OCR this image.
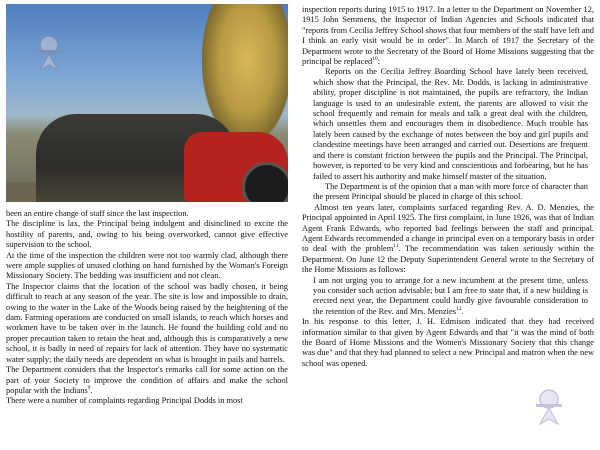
been an entire change of staff since the last inspection.

The discipline is lax, the Principal being indulgent and disinclined to excite the hostility of parents, and, owing to his being overworked, cannot give effective supervision to the school.

At the time of the inspection the children were not too warmly clad, although there were ample supplies of unused clothing on hand furnished by the Woman's Foreign Missionary Society. The bedding was insufficient and not clean.

The Inspector claims that the location of the school was badly chosen, it being difficult to reach at any season of the year. The site is low and impossible to drain, owing to the water in the Lake of the Woods being raised by the heightening of the dam. Farming operations are conducted on small islands, to reach which horses and workmen have to be taken over in the launch. He found the building cold and no proper precaution taken to retain the heat and, although this is comparatively a new school, it is badly in need of repairs for lack of attention. They have no systematic water supply; the daily needs are dependent on what is brought in pails and barrels.

The Department considers that the Inspector's remarks call for some action on the part of your Society to improve the condition of affairs and make the school popular with the Indians$^9$.

There were a number of complaints regarding Principal Dodds in most

inspection reports during 1915 to 1917. In a letter to the Department on November 12, 1915 John Semmens, the Inspector of Indian Agencies and Schools indicated that "reports from Cecilia Jeffrey School shows that four members of the staff have left and I think an early visit would be in order". In March of 1917 the Secretary of the Department wrote to the Secretary of the Board of Home Missions suggesting that the principal be replaced$^{10}$:

Reports on the Cecilia Jeffrey Boarding School have lately been received, which show that the Principal, the Rev. Mr. Dodds, is lacking in administrative ability, proper discipline is not maintained, the pupils are refractory, the Indian language is used to an undesirable extent, the parents are allowed to visit the school frequently and remain for meals and talk a great deal with the children, which unsettles them and encourages them in disobedience. Much trouble has lately been caused by the exchange of notes between the boy and girl pupils and clandestine meetings have been arranged and carried out. Desertions are frequent and there is constant friction between the pupils and the Principal. The Principal, however, is reported to be very kind and conscientious and forbearing, but he has failed to assert his authority and make himself master of the situation.

The Department is of the opinion that a man with more force of character than the present Principal should be placed in charge of this school.

Almost ten years later, complaints surfaced regarding Rev. A. D. Menzies, the Principal appointed in April 1925. The first complaint, in June 1926, was that of Indian Agent Frank Edwards, who reported bad feelings between the staff and principal. Agent Edwards recommended a change in principal even on a temporary basis in order to deal with the problem$^{11}$. The recommendation was taken seriously within the Department. On June 12 the Deputy Superintendent General wrote to the Secretary of the Home Missions as follows:

I am not urging you to arrange for a new incumbent at the present time, unless you consider such action advisable; but I am free to state that, if a new building is erected next year, the Department could hardly give favourable consideration to the retention of the Rev. and Mrs. Menzies$^{12}$.

In his response to this letter, J. H. Edmison indicated that they had received information similar to that given by Agent Edwards and that "it was the mind of both the Board of Home Missions and the Women's Missionary Society that this change was due" and that they had planned to select a new Principal and matron when the new school was opened.
